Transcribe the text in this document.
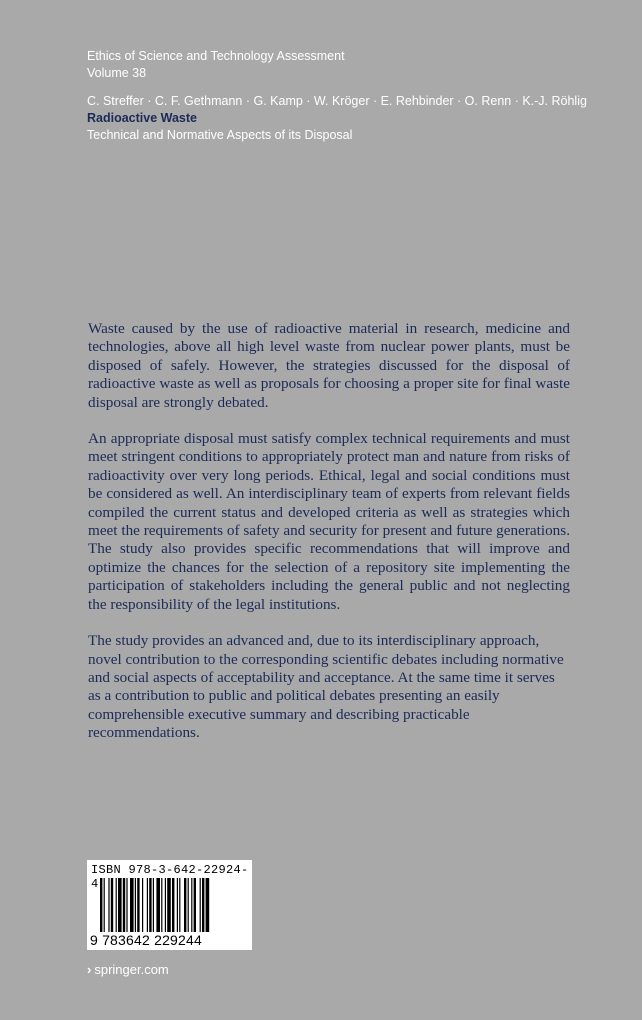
Ethics of Science and Technology Assessment
Volume 38
C. Streffer · C. F. Gethmann · G. Kamp · W. Kröger · E. Rehbinder · O. Renn · K.-J. Röhlig
Radioactive Waste
Technical and Normative Aspects of its Disposal

Waste caused by the use of radioactive material in research, medicine and technologies, above all high level waste from nuclear power plants, must be disposed of safely. However, the strategies discussed for the disposal of radioactive waste as well as proposals for choosing a proper site for final waste disposal are strongly debated.

An appropriate disposal must satisfy complex technical requirements and must meet stringent conditions to appropriately protect man and nature from risks of radioactivity over very long periods. Ethical, legal and social conditions must be considered as well. An interdisciplinary team of experts from relevant fields compiled the current status and developed criteria as well as strategies which meet the requirements of safety and security for present and future generations. The study also provides specific recommendations that will improve and optimize the chances for the selection of a repository site implementing the participation of stakeholders including the general public and not neglecting the responsibility of the legal institutions.

The study provides an advanced and, due to its interdisciplinary approach, novel contribution to the corresponding scientific debates including normative and social aspects of acceptability and acceptance. At the same time it serves as a contribution to public and political debates presenting an easily comprehensible executive summary and describing practicable recommendations.

ISBN 978-3-642-22924-4
9 783642 229244
› springer.com
